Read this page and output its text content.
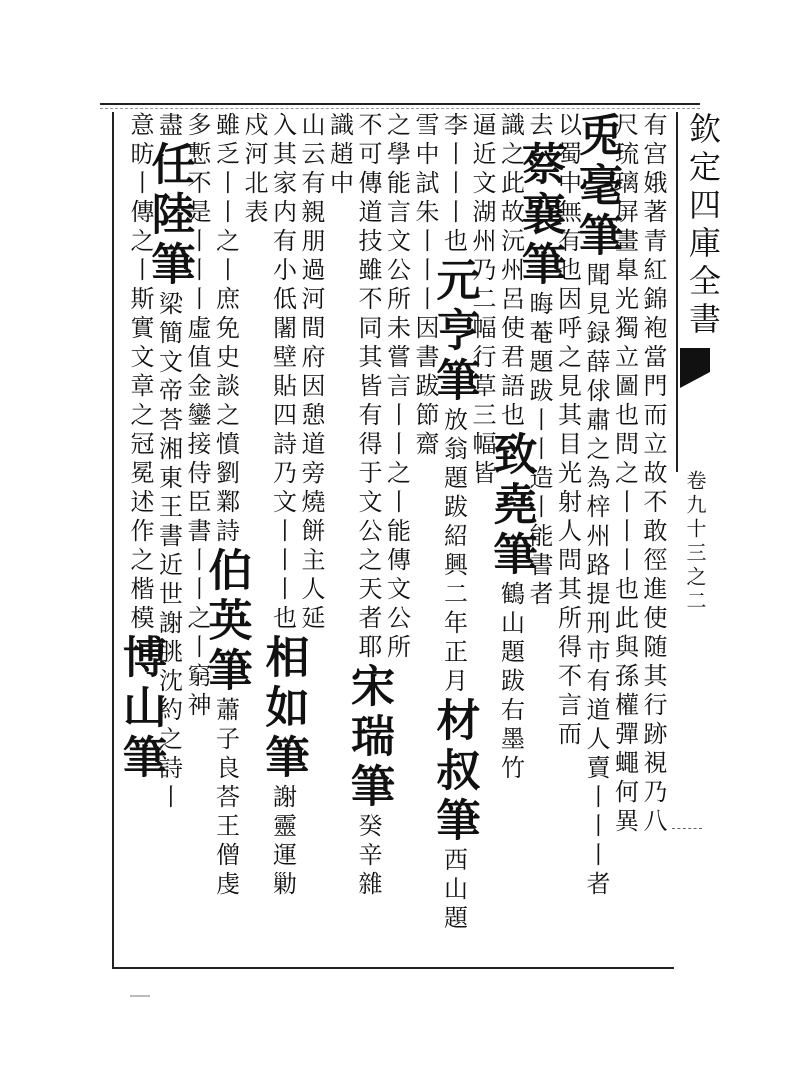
欽定四庫全書
卷九十三之二
有宫娥著青紅錦袍當門而立故不敢徑進使随其行跡視乃八
尺琉璃屏畫臯光獨立圖也問之丨丨丨也此與孫權彈蠅何異
兎毫筆聞見録薛俅肅之為梓州路提刑市有道人賣丨丨丨者
以蜀中無有也因呼之見其目光射人問其所得不言而
去蔡襄筆晦菴題跋丨丨造丨能書者
識之此故沅州呂使君語也致堯筆鶴山題跋右墨竹
逼近文湖州乃二幅行草三幅皆
李丨丨丨也元亨筆放翁題跋紹興二年正月材叔筆西山題
雪中試朱丨丨丨因書跋節齋
之學能言文公所未嘗言丨丨之丨能傳文公所
不可傳道技雖不同其皆有得于文公之天者耶宋瑞筆癸辛雜
識趙中
山云有親朋過河間府因憩道旁燒餅主人延
入其家内有小低闍壁貼四詩乃文丨丨丨也相如筆謝靈運勦
戍河北表
雖乏丨丨之丨庶免史談之憤劉鄴詩伯英筆蕭子良荅王僧虔
多慙不是丨丨丨虛值金鑾接侍臣書丨丨之丨窮神
盡任陸筆梁簡文帝荅湘東王書近世謝朓沈約之詩丨
意昉丨傳之丨斯實文章之冠冕述作之楷模博山筆
